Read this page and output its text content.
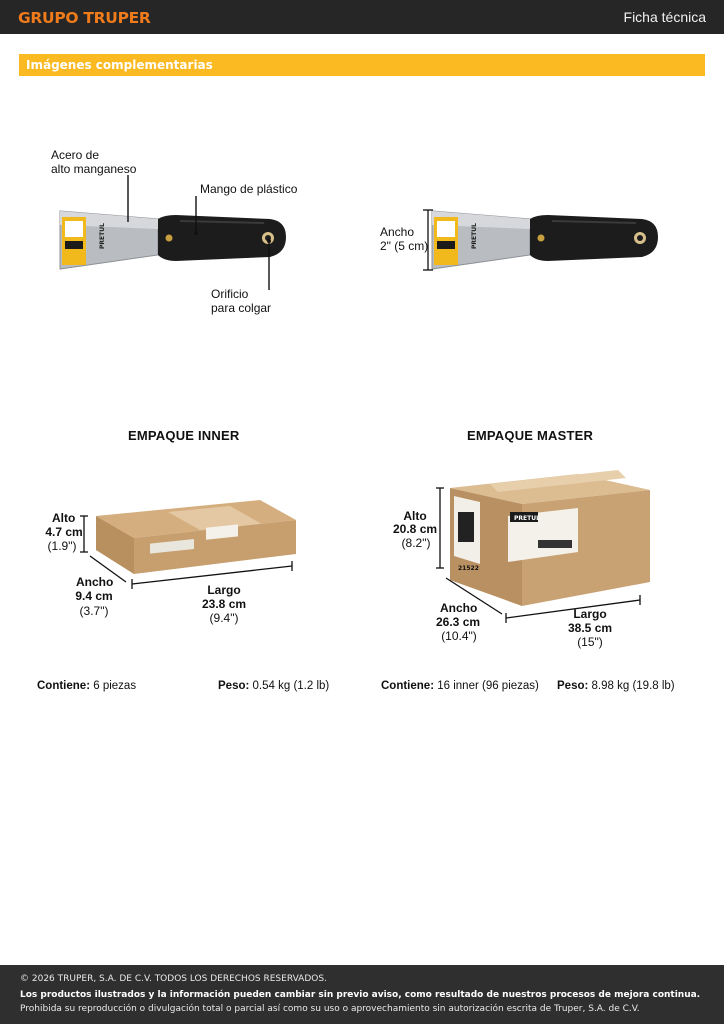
GRUPO TRUPER	Ficha técnica
Imágenes complementarias
PRETUL
Acero de
alto manganeso
Mango de plástico
Orificio
para colgar
PRETUL
Ancho
2" (5 cm)
EMPAQUE INNER	EMPAQUE MASTER
Alto
4.7 cm
(1.9")
Ancho
9.4 cm
(3.7")
Largo
23.8 cm
(9.4")
21522
PRETUL
Alto
20.8 cm
(8.2")
Ancho
26.3 cm
(10.4")
Largo
38.5 cm
(15")
Contiene: 6 piezas	Peso: 0.54 kg (1.2 lb)	Contiene: 16 inner (96 piezas) Peso: 8.98 kg (19.8 lb)
© 2026 TRUPER, S.A. DE C.V. TODOS LOS DERECHOS RESERVADOS.
Los productos ilustrados y la información pueden cambiar sin previo aviso, como resultado de nuestros procesos de mejora continua.
Prohibida su reproducción o divulgación total o parcial así como su uso o aprovechamiento sin autorización escrita de Truper, S.A. de C.V.
